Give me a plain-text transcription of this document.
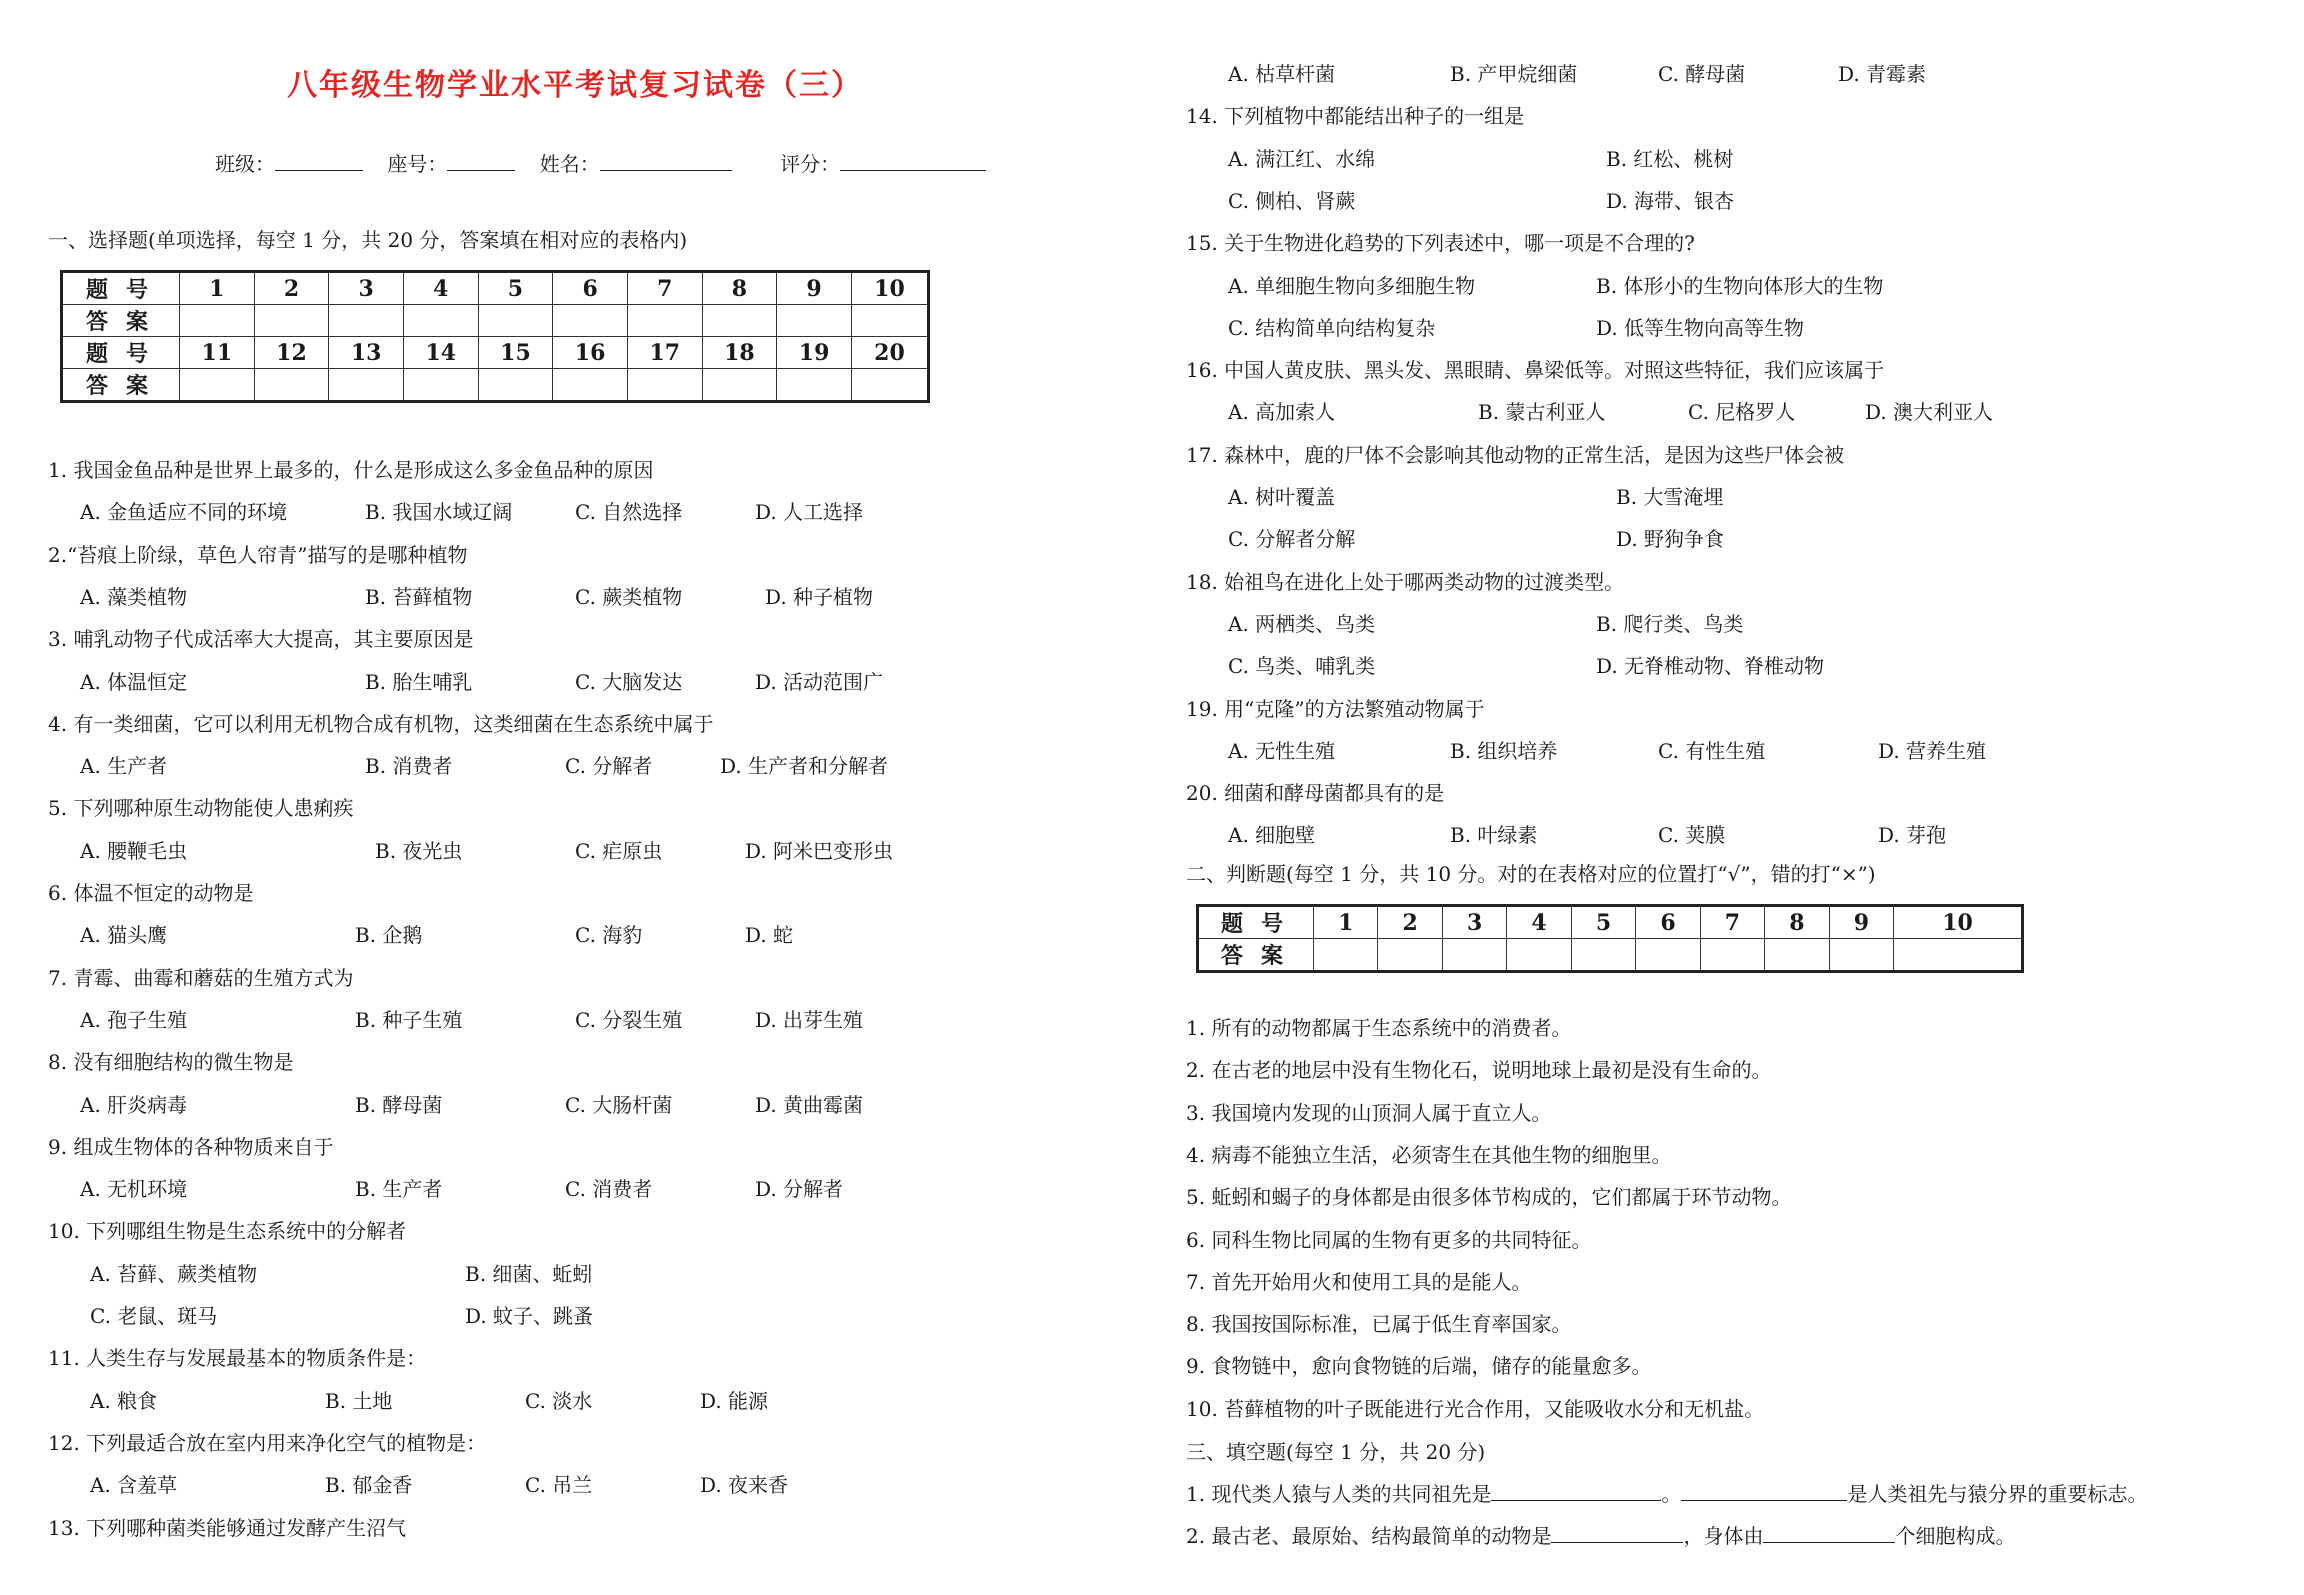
八年级生物学业水平考试复习试卷（三）
班级：	座号：	姓名：	评分：
一、选择题(单项选择，每空 1 分，共 20 分，答案填在相对应的表格内)
题号	1	2	3	4	5	6	7	8	9	10
答案										
题号	11	12	13	14	15	16	17	18	19	20
答案										
1. 我国金鱼品种是世界上最多的，什么是形成这么多金鱼品种的原因
A. 金鱼适应不同的环境	B. 我国水域辽阔	C. 自然选择	D. 人工选择
2.“苔痕上阶绿，草色人帘青”描写的是哪种植物
A. 藻类植物	B. 苔藓植物	C. 蕨类植物	D. 种子植物
3. 哺乳动物子代成活率大大提高，其主要原因是
A. 体温恒定	B. 胎生哺乳	C. 大脑发达	D. 活动范围广
4. 有一类细菌，它可以利用无机物合成有机物，这类细菌在生态系统中属于
A. 生产者	B. 消费者	C. 分解者	D. 生产者和分解者
5. 下列哪种原生动物能使人患痢疾
A. 腰鞭毛虫	B. 夜光虫	C. 疟原虫	D. 阿米巴变形虫
6. 体温不恒定的动物是
A. 猫头鹰	B. 企鹅	C. 海豹	D. 蛇
7. 青霉、曲霉和蘑菇的生殖方式为
A. 孢子生殖	B. 种子生殖	C. 分裂生殖	D. 出芽生殖
8. 没有细胞结构的微生物是
A. 肝炎病毒	B. 酵母菌	C. 大肠杆菌	D. 黄曲霉菌
9. 组成生物体的各种物质来自于
A. 无机环境	B. 生产者	C. 消费者	D. 分解者
10. 下列哪组生物是生态系统中的分解者
A. 苔藓、蕨类植物	B. 细菌、蚯蚓
C. 老鼠、斑马	D. 蚊子、跳蚤
11. 人类生存与发展最基本的物质条件是：
A. 粮食	B. 土地	C. 淡水	D. 能源
12. 下列最适合放在室内用来净化空气的植物是：
A. 含羞草	B. 郁金香	C. 吊兰	D. 夜来香
13. 下列哪种菌类能够通过发酵产生沼气
A. 枯草杆菌	B. 产甲烷细菌	C. 酵母菌	D. 青霉素
14. 下列植物中都能结出种子的一组是
A. 满江红、水绵	B. 红松、桃树
C. 侧柏、肾蕨	D. 海带、银杏
15. 关于生物进化趋势的下列表述中，哪一项是不合理的?
A. 单细胞生物向多细胞生物	B. 体形小的生物向体形大的生物
C. 结构简单向结构复杂	D. 低等生物向高等生物
16. 中国人黄皮肤、黑头发、黑眼睛、鼻梁低等。对照这些特征，我们应该属于
A. 高加索人	B. 蒙古利亚人	C. 尼格罗人	D. 澳大利亚人
17. 森林中，鹿的尸体不会影响其他动物的正常生活，是因为这些尸体会被
A. 树叶覆盖	B. 大雪淹埋
C. 分解者分解	D. 野狗争食
18. 始祖鸟在进化上处于哪两类动物的过渡类型。
A. 两栖类、鸟类	B. 爬行类、鸟类
C. 鸟类、哺乳类	D. 无脊椎动物、脊椎动物
19. 用“克隆”的方法繁殖动物属于
A. 无性生殖	B. 组织培养	C. 有性生殖	D. 营养生殖
20. 细菌和酵母菌都具有的是
A. 细胞壁	B. 叶绿素	C. 荚膜	D. 芽孢
二、判断题(每空 1 分，共 10 分。对的在表格对应的位置打“√”，错的打“×”)
题号	1	2	3	4	5	6	7	8	9	10
答案										
1. 所有的动物都属于生态系统中的消费者。
2. 在古老的地层中没有生物化石，说明地球上最初是没有生命的。
3. 我国境内发现的山顶洞人属于直立人。
4. 病毒不能独立生活，必须寄生在其他生物的细胞里。
5. 蚯蚓和蝎子的身体都是由很多体节构成的，它们都属于环节动物。
6. 同科生物比同属的生物有更多的共同特征。
7. 首先开始用火和使用工具的是能人。
8. 我国按国际标准，已属于低生育率国家。
9. 食物链中，愈向食物链的后端，储存的能量愈多。
10. 苔藓植物的叶子既能进行光合作用，又能吸收水分和无机盐。
三、填空题(每空 1 分，共 20 分)
1. 现代类人猿与人类的共同祖先是	。	是人类祖先与猿分界的重要标志。
2. 最古老、最原始、结构最简单的动物是	，身体由	个细胞构成。
